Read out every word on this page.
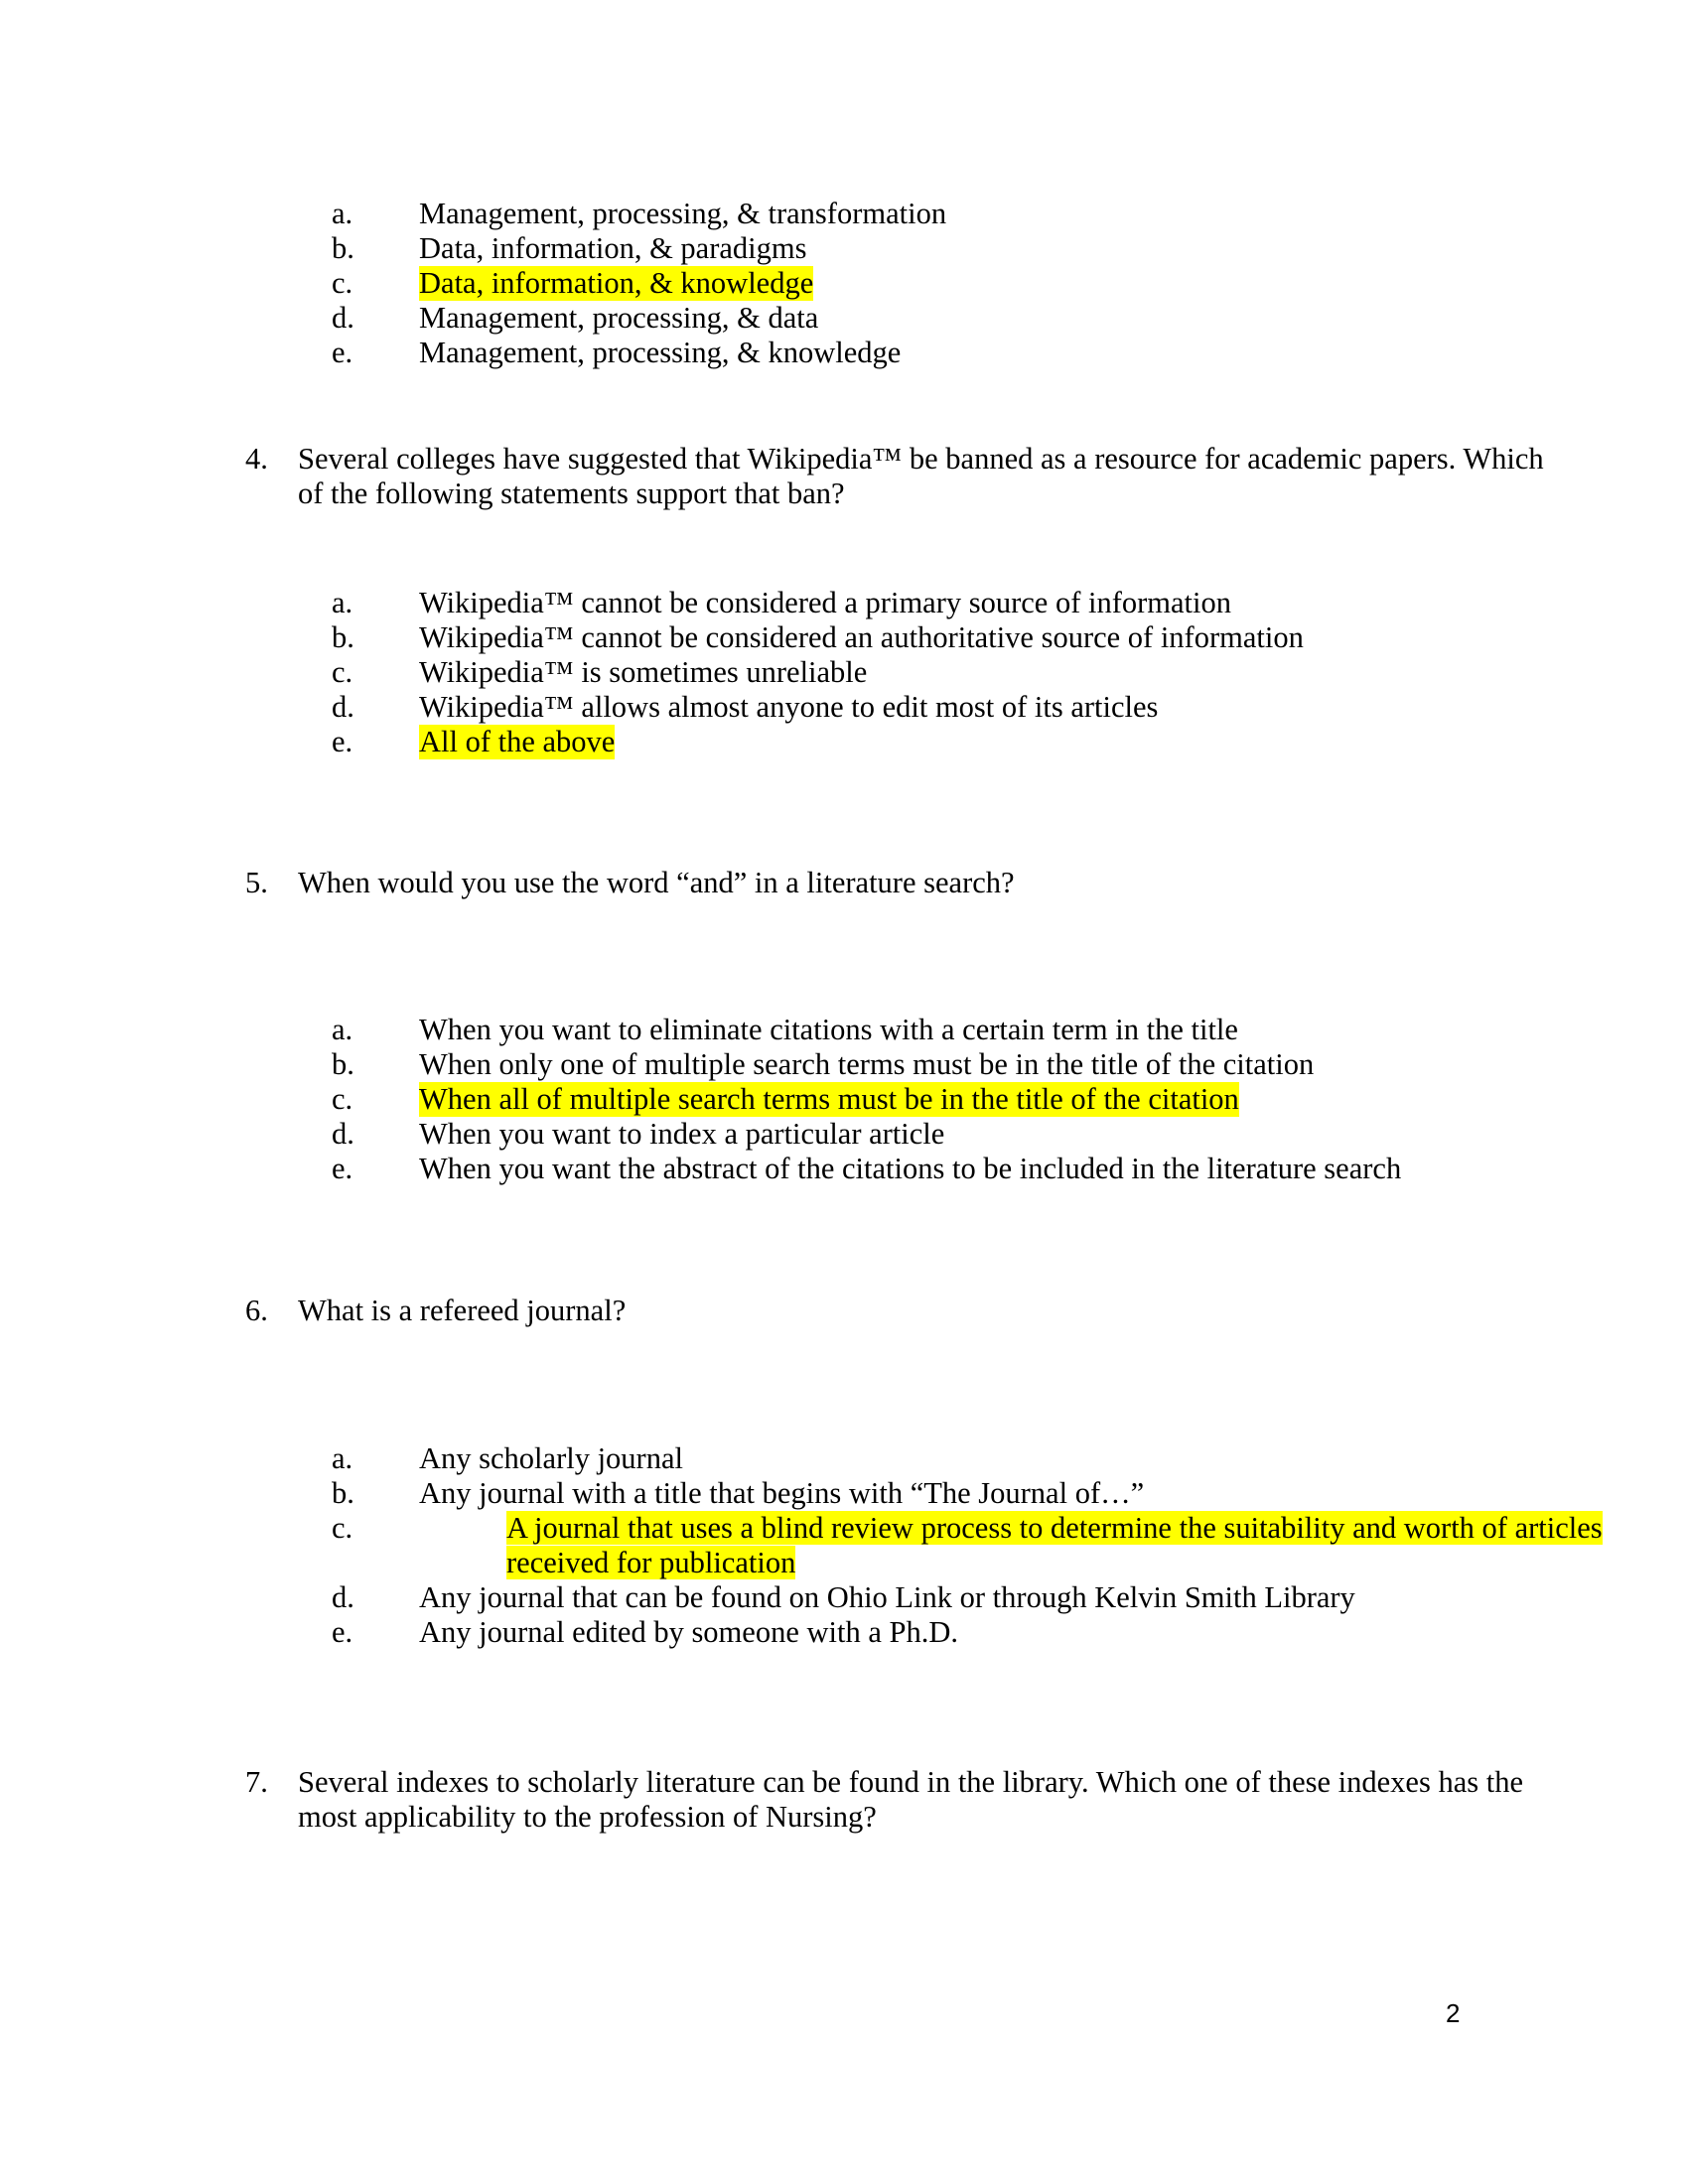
a.	Management, processing, & transformation
b.	Data, information, & paradigms
c.	Data, information, & knowledge
d.	Management, processing, & data
e.	Management, processing, & knowledge
4. Several colleges have suggested that Wikipedia™ be banned as a resource for academic papers. Which of the following statements support that ban?
a.	Wikipedia™ cannot be considered a primary source of information
b.	Wikipedia™ cannot be considered an authoritative source of information
c.	Wikipedia™ is sometimes unreliable
d.	Wikipedia™ allows almost anyone to edit most of its articles
e.	All of the above
5. When would you use the word “and” in a literature search?
a.	When you want to eliminate citations with a certain term in the title
b.	When only one of multiple search terms must be in the title of the citation
c.	When all of multiple search terms must be in the title of the citation
d.	When you want to index a particular article
e.	When you want the abstract of the citations to be included in the literature search
6. What is a refereed journal?
a.	Any scholarly journal
b.	Any journal with a title that begins with “The Journal of…”
c.	A journal that uses a blind review process to determine the suitability and worth of articles received for publication
d.	Any journal that can be found on Ohio Link or through Kelvin Smith Library
e.	Any journal edited by someone with a Ph.D.
7. Several indexes to scholarly literature can be found in the library. Which one of these indexes has the most applicability to the profession of Nursing?
2
